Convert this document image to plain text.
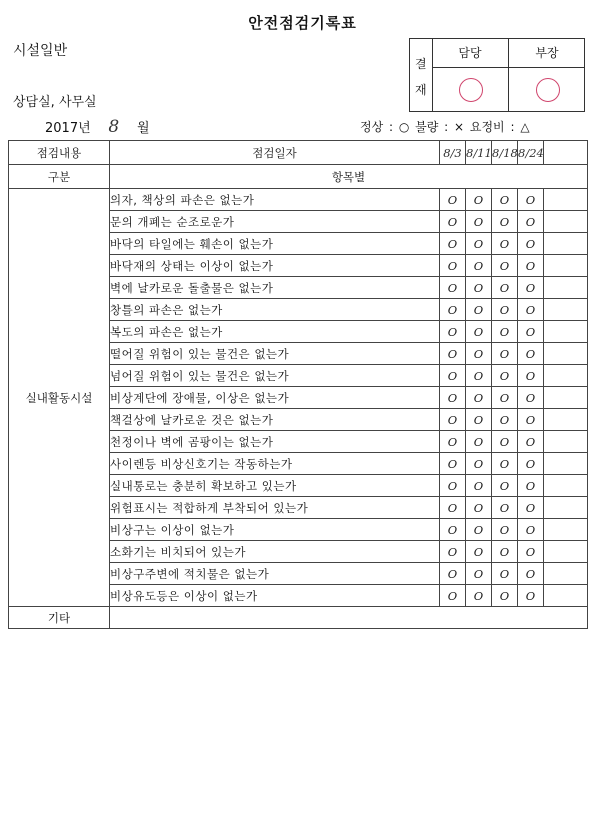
안전점검기록표
시설일반
상담실, 사무실
2017년 8 월	정상 : ○ 불량 : × 요정비 : △
결
재
담당	부장
점검내용	점검일자	8/3	8/11	8/18	8/24	
구분	항목별					
실내활동시설	의자, 책상의 파손은 없는가	O	O	O	O	
	문의 개폐는 순조로운가	O	O	O	O	
	바닥의 타일에는 훼손이 없는가	O	O	O	O	
	바닥재의 상태는 이상이 없는가	O	O	O	O	
	벽에 날카로운 돌출물은 없는가	O	O	O	O	
	창틀의 파손은 없는가	O	O	O	O	
	복도의 파손은 없는가	O	O	O	O	
	떨어질 위험이 있는 물건은 없는가	O	O	O	O	
	넘어질 위험이 있는 물건은 없는가	O	O	O	O	
	비상계단에 장애물, 이상은 없는가	O	O	O	O	
	책걸상에 날카로운 것은 없는가	O	O	O	O	
	천정이나 벽에 곰팡이는 없는가	O	O	O	O	
	사이렌등 비상신호기는 작동하는가	O	O	O	O	
	실내통로는 충분히 확보하고 있는가	O	O	O	O	
	위험표시는 적합하게 부착되어 있는가	O	O	O	O	
	비상구는 이상이 없는가	O	O	O	O	
	소화기는 비치되어 있는가	O	O	O	O	
	비상구주변에 적치물은 없는가	O	O	O	O	
	비상유도등은 이상이 없는가	O	O	O	O	
기타						
